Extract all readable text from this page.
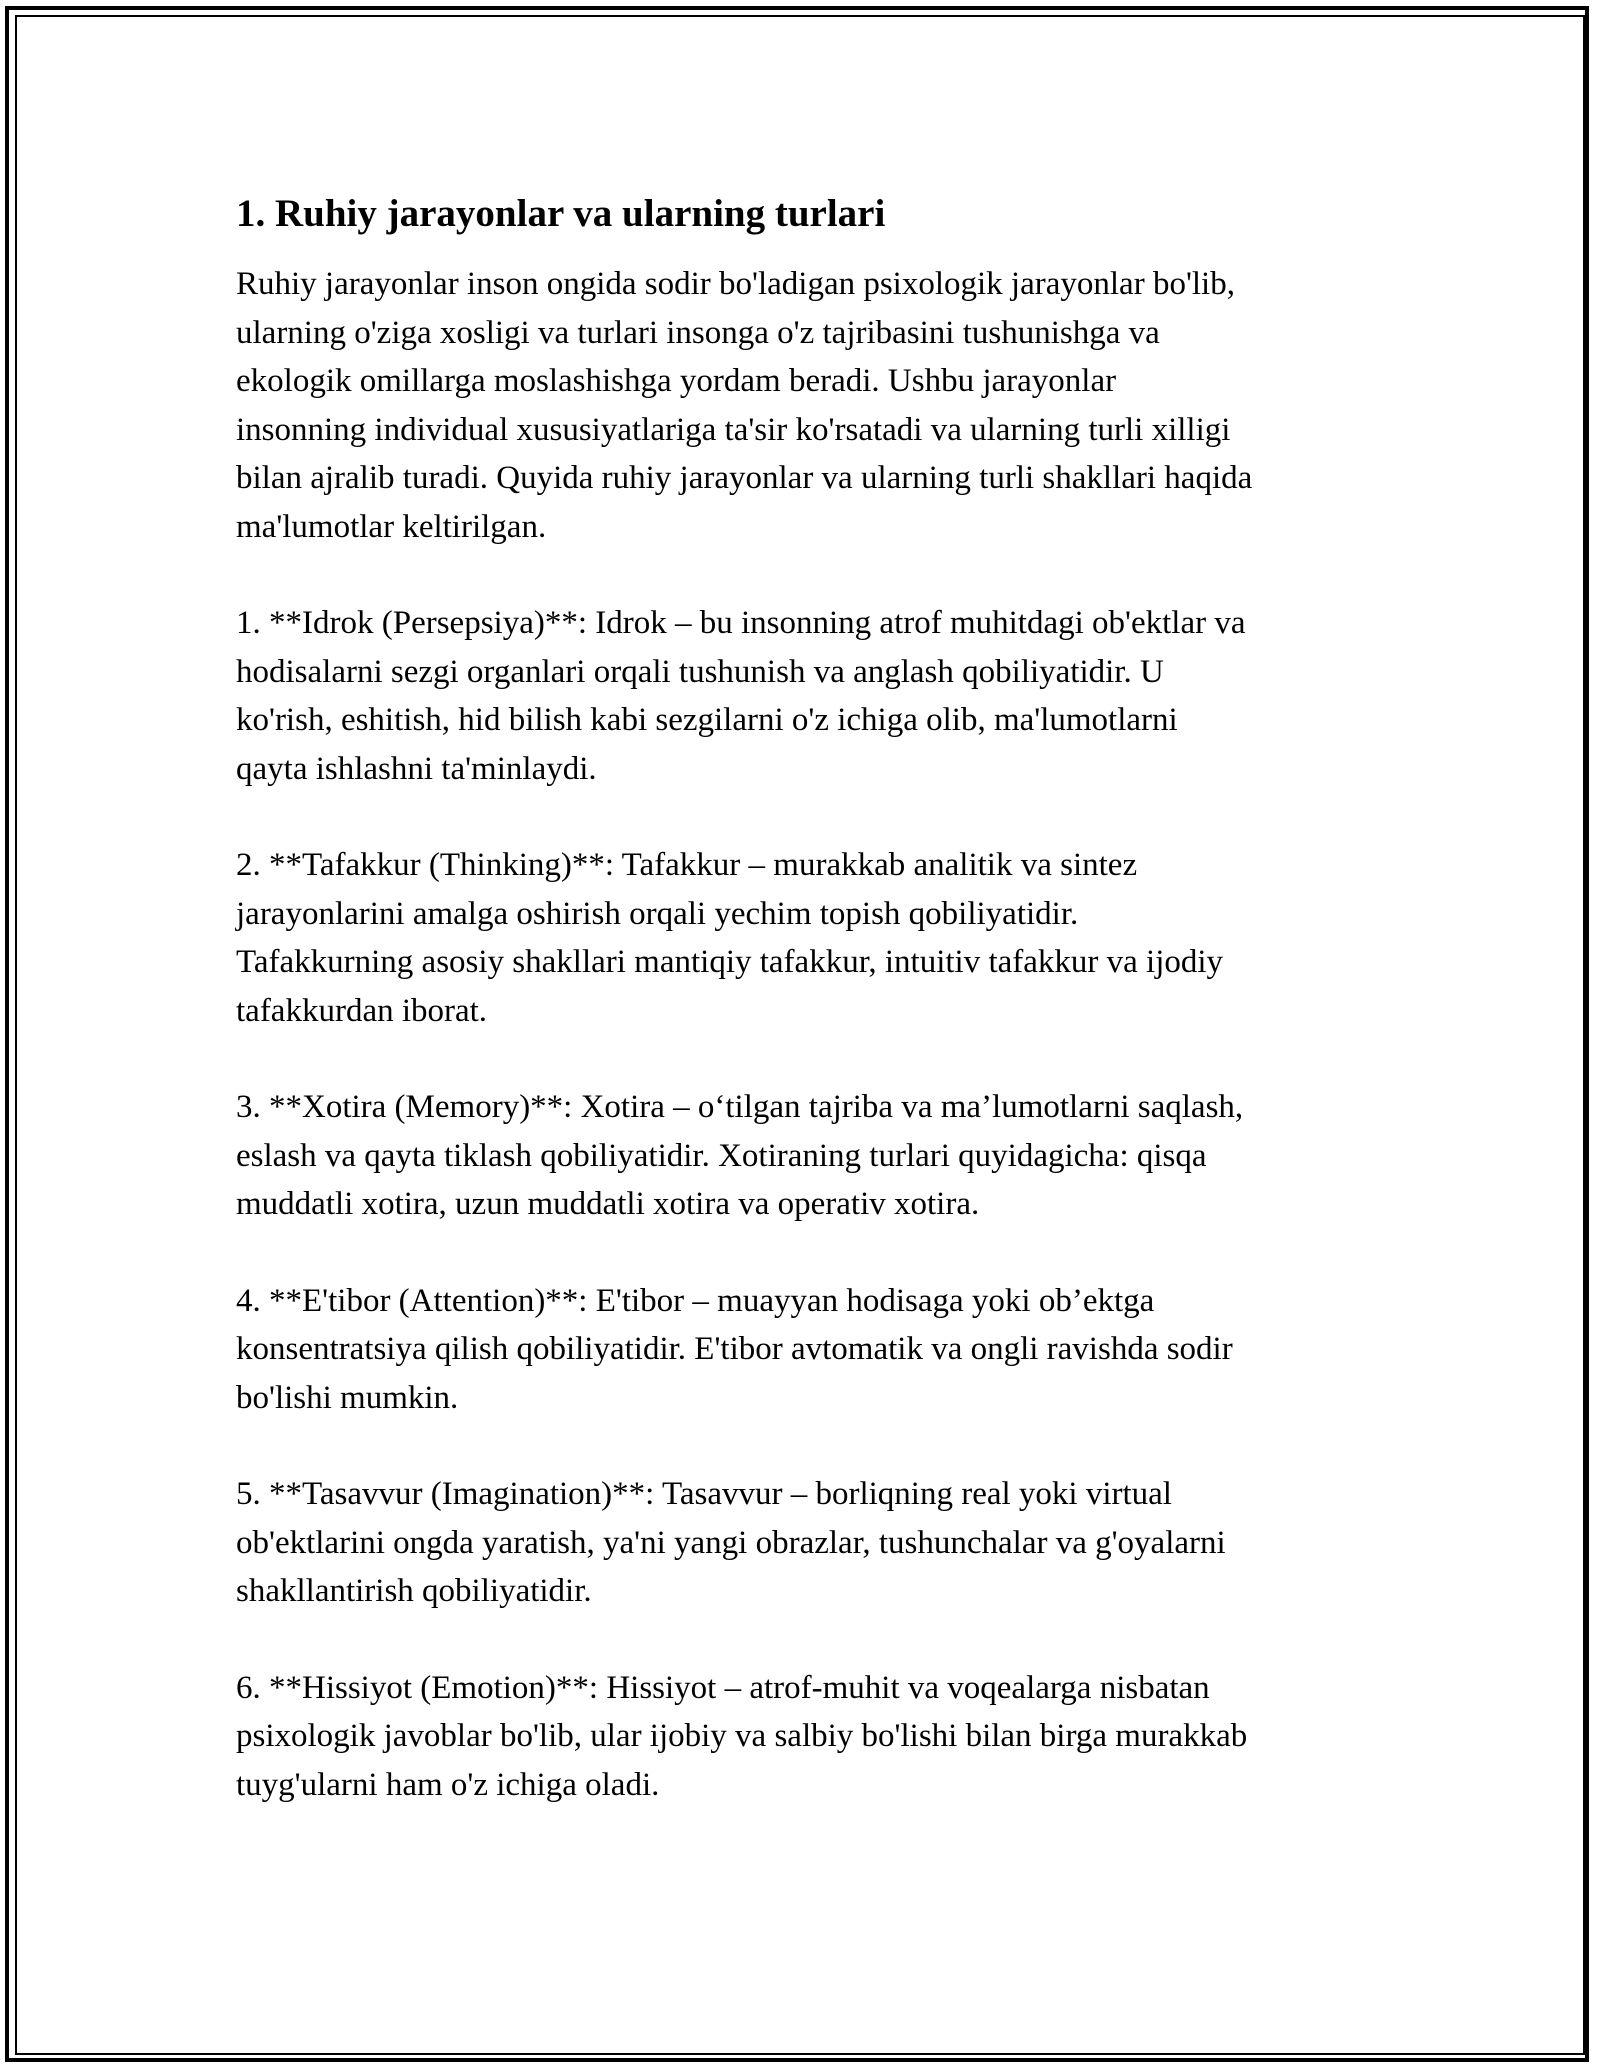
1. Ruhiy jarayonlar va ularning turlari

Ruhiy jarayonlar inson ongida sodir bo'ladigan psixologik jarayonlar bo'lib,
ularning o'ziga xosligi va turlari insonga o'z tajribasini tushunishga va
ekologik omillarga moslashishga yordam beradi. Ushbu jarayonlar
insonning individual xususiyatlariga ta'sir ko'rsatadi va ularning turli xilligi
bilan ajralib turadi. Quyida ruhiy jarayonlar va ularning turli shakllari haqida
ma'lumotlar keltirilgan.

1. **Idrok (Persepsiya)**: Idrok – bu insonning atrof muhitdagi ob'ektlar va
hodisalarni sezgi organlari orqali tushunish va anglash qobiliyatidir. U
ko'rish, eshitish, hid bilish kabi sezgilarni o'z ichiga olib, ma'lumotlarni
qayta ishlashni ta'minlaydi.

2. **Tafakkur (Thinking)**: Tafakkur – murakkab analitik va sintez
jarayonlarini amalga oshirish orqali yechim topish qobiliyatidir.
Tafakkurning asosiy shakllari mantiqiy tafakkur, intuitiv tafakkur va ijodiy
tafakkurdan iborat.

3. **Xotira (Memory)**: Xotira – o‘tilgan tajriba va ma’lumotlarni saqlash,
eslash va qayta tiklash qobiliyatidir. Xotiraning turlari quyidagicha: qisqa
muddatli xotira, uzun muddatli xotira va operativ xotira.

4. **E'tibor (Attention)**: E'tibor – muayyan hodisaga yoki ob’ektga
konsentratsiya qilish qobiliyatidir. E'tibor avtomatik va ongli ravishda sodir
bo'lishi mumkin.

5. **Tasavvur (Imagination)**: Tasavvur – borliqning real yoki virtual
ob'ektlarini ongda yaratish, ya'ni yangi obrazlar, tushunchalar va g'oyalarni
shakllantirish qobiliyatidir.

6. **Hissiyot (Emotion)**: Hissiyot – atrof-muhit va voqealarga nisbatan
psixologik javoblar bo'lib, ular ijobiy va salbiy bo'lishi bilan birga murakkab
tuyg'ularni ham o'z ichiga oladi.
